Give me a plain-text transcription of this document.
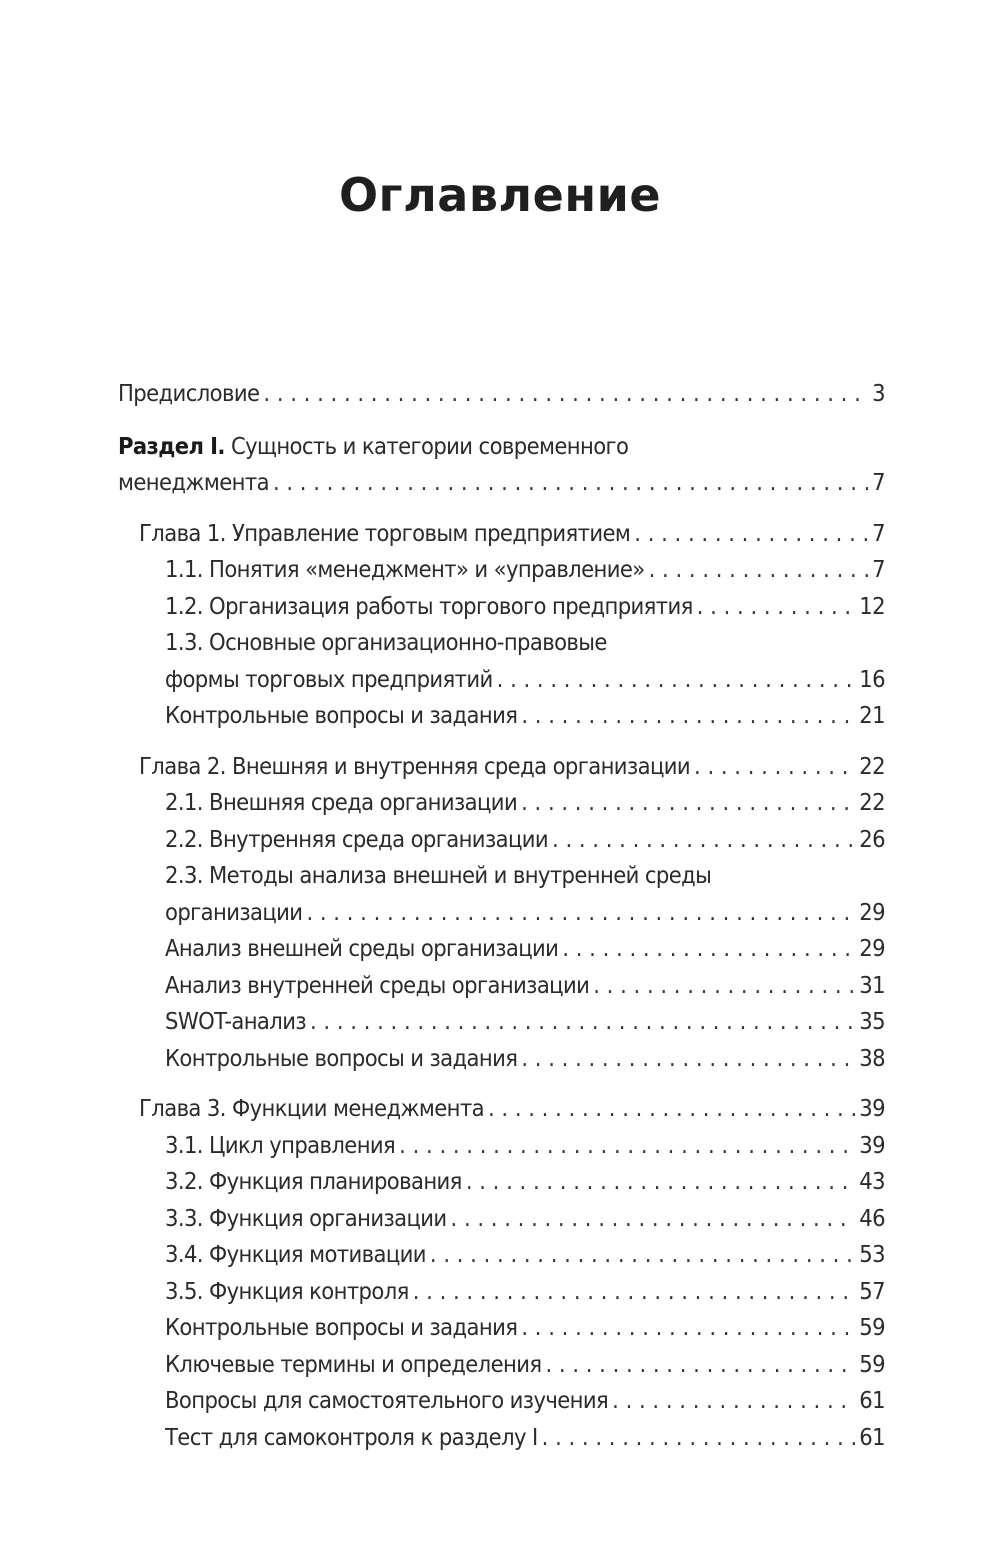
Оглавление
Предисловие . . .	3
Раздел I. Сущность и категории современного
менеджмента . . .	7
Глава 1. Управление торговым предприятием . . .	7
1.1. Понятия «менеджмент» и «управление» . . .	7
1.2. Организация работы торгового предприятия . . .	12
1.3. Основные организационно-правовые
формы торговых предприятий . . .	16
Контрольные вопросы и задания . . .	21
Глава 2. Внешняя и внутренняя среда организации . . .	22
2.1. Внешняя среда организации . . .	22
2.2. Внутренняя среда организации . . .	26
2.3. Методы анализа внешней и внутренней среды
организации . . .	29
Анализ внешней среды организации . . .	29
Анализ внутренней среды организации . . .	31
SWOT-анализ . . .	35
Контрольные вопросы и задания . . .	38
Глава 3. Функции менеджмента . . .	39
3.1. Цикл управления . . .	39
3.2. Функция планирования . . .	43
3.3. Функция организации . . .	46
3.4. Функция мотивации . . .	53
3.5. Функция контроля . . .	57
Контрольные вопросы и задания . . .	59
Ключевые термины и определения . . .	59
Вопросы для самостоятельного изучения . . .	61
Тест для самоконтроля к разделу I . . .	61
